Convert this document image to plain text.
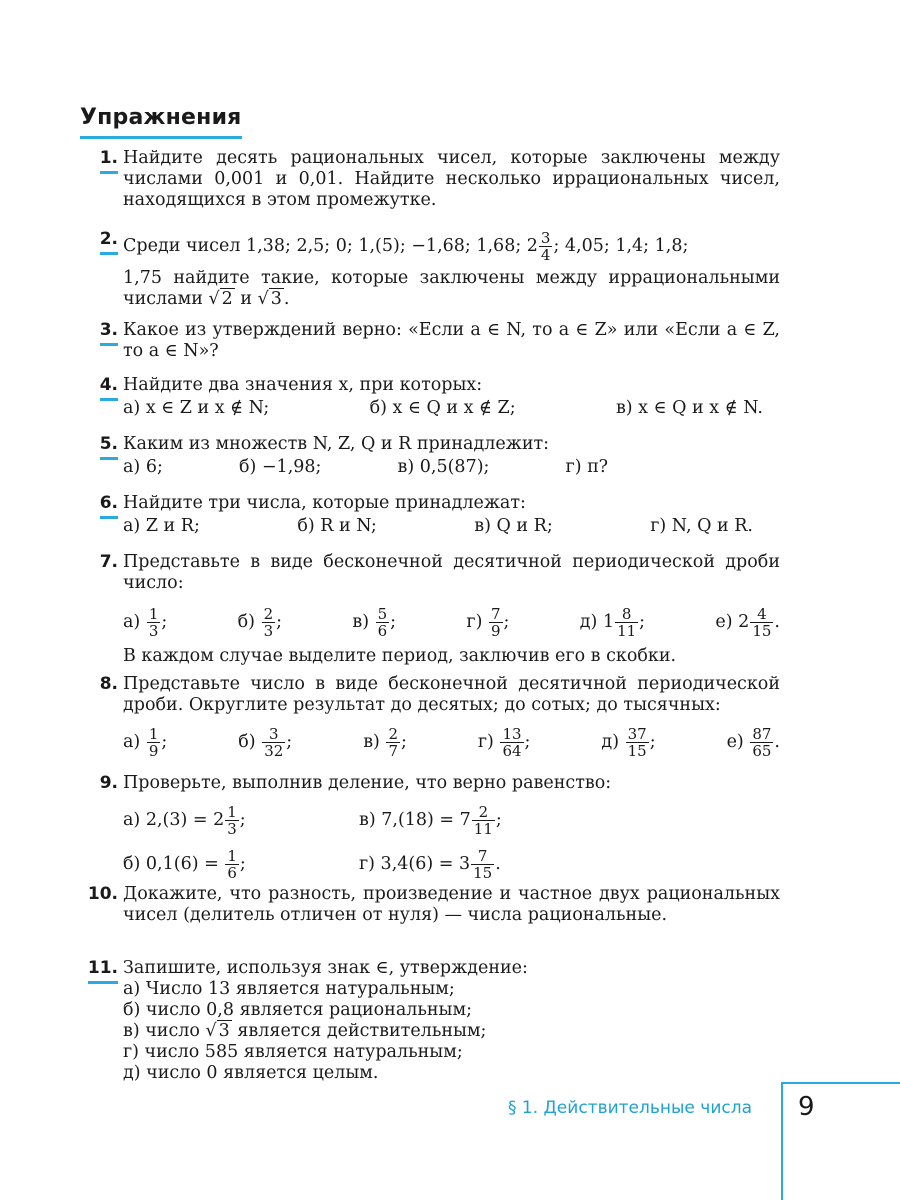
Упражнения
1. Найдите десять рациональных чисел, которые заключены между числами 0,001 и 0,01. Найдите несколько иррациональных чисел, находящихся в этом промежутке.
2. Среди чисел 1,38; 2,5; 0; 1,(5); −1,68; 1,68; $2 \frac{3}{4}$ ; 4,05; 1,4; 1,8;
1,75 найдите такие, которые заключены между иррациональными числами √ 2 и √ 3 .
3. Какое из утверждений верно: «Если a ∈ N, то a ∈ Z» или «Если a ∈ Z, то a ∈ N»?
4. Найдите два значения x, при которых:
а) x ∈ Z и x ∉ N;	б) x ∈ Q и x ∉ Z;	в) x ∈ Q и x ∉ N.
5. Каким из множеств N, Z, Q и R принадлежит:
а) 6;	б) −1,98;	в) 0,5(87);	г) π?
6. Найдите три числа, которые принадлежат:
а) Z и R;	б) R и N;	в) Q и R;	г) N, Q и R.
7. Представьте в виде бесконечной десятичной периодической дроби число:
$а) \frac{1}{3}$ ;	$б) \frac{2}{3}$ ;	$в) \frac{5}{6}$ ;	$г) \frac{7}{9}$ ;	д) $1 \frac{8}{11}$ ;	е) $2 \frac{4}{15}$ .
В каждом случае выделите период, заключив его в скобки.
8. Представьте число в виде бесконечной десятичной периодической дроби. Округлите результат до десятых; до сотых; до тысячных:
$а) \frac{1}{9}$ ;	$б) \frac{3}{32}$ ;	$в) \frac{2}{7}$ ;	$г) \frac{13}{64}$ ;	$д) \frac{37}{15}$ ;	$е) \frac{87}{65}$ .
9. Проверьте, выполнив деление, что верно равенство:
а) $2,(3) = 2 \frac{1}{3}$ ;	в) $7,(18) = 7 \frac{2}{11}$ ;
б) $0,1(6) = \frac{1}{6}$ ;	г) $3,4(6) = 3 \frac{7}{15}$ .
10. Докажите, что разность, произведение и частное двух рациональных чисел (делитель отличен от нуля) — числа рациональные.
11. Запишите, используя знак ∈, утверждение:
а) Число 13 является натуральным;
б) число 0,8 является рациональным;
в) число √ 3 является действительным;
г) число 585 является натуральным;
д) число 0 является целым.
§ 1. Действительные числа 9
